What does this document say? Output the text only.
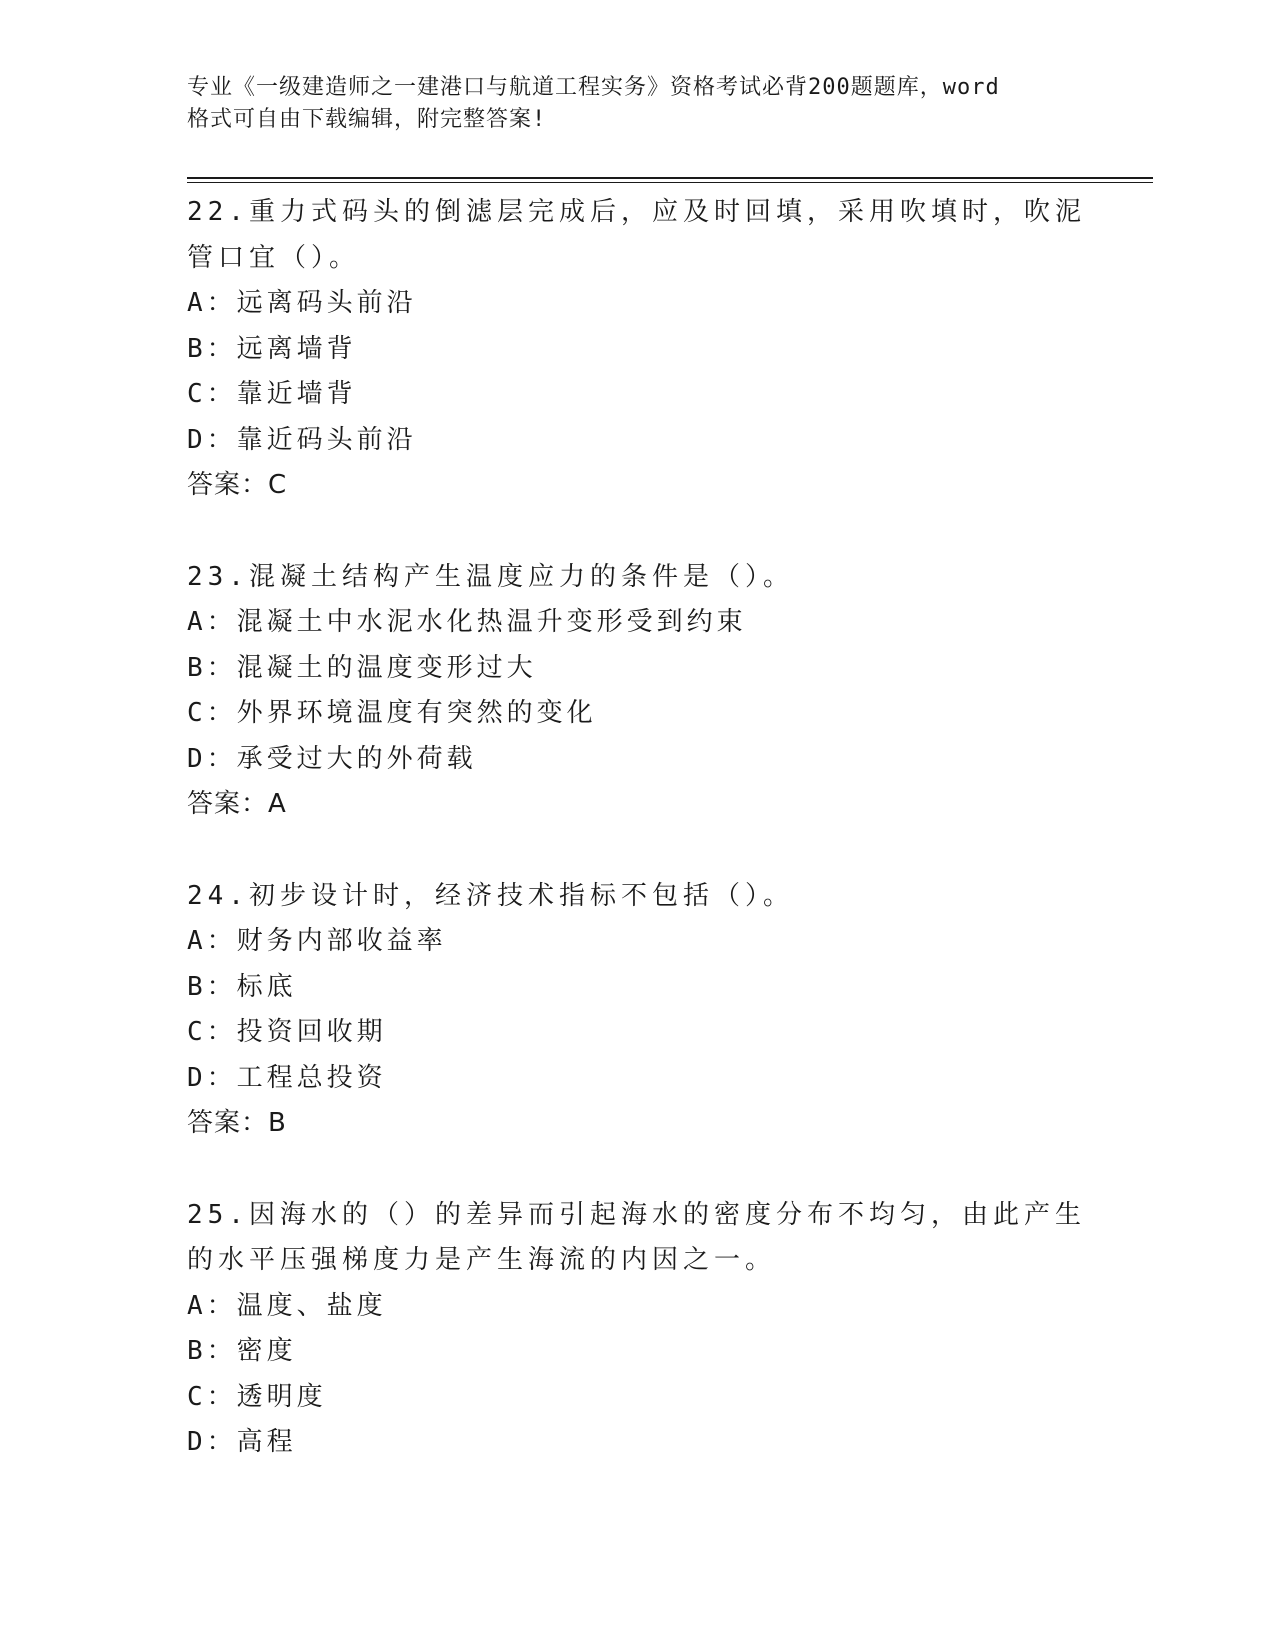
专业《一级建造师之一建港口与航道工程实务》资格考试必背200题题库，word
格式可自由下载编辑，附完整答案!
22.重力式码头的倒滤层完成后，应及时回填，采用吹填时，吹泥管口宜（）。
A：远离码头前沿
B：远离墙背
C：靠近墙背
D：靠近码头前沿
答案：C
23.混凝土结构产生温度应力的条件是（）。
A：混凝土中水泥水化热温升变形受到约束
B：混凝土的温度变形过大
C：外界环境温度有突然的变化
D：承受过大的外荷载
答案：A
24.初步设计时，经济技术指标不包括（）。
A：财务内部收益率
B：标底
C：投资回收期
D：工程总投资
答案：B
25.因海水的（）的差异而引起海水的密度分布不均匀，由此产生的水平压强梯度力是产生海流的内因之一。
A：温度、盐度
B：密度
C：透明度
D：高程
